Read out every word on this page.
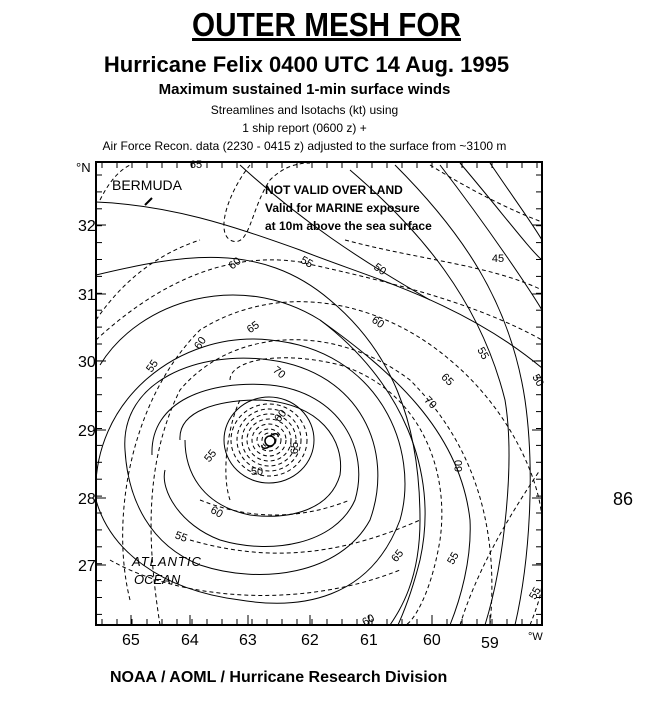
OUTER MESH FOR
Hurricane Felix 0400 UTC 14 Aug. 1995
Maximum sustained 1-min surface winds
Streamlines and Isotachs (kt) using
1 ship report (0600 z) +
Air Force Recon. data (2230 - 0415 z) adjusted to the surface from ~3100 m
65
55	50
45
60
60
65
60
55	70
55
65	50
70
60
65
55
50	60
60
55
55
65
60
55
BERMUDA	NOT VALID OVER LAND
Valid for MARINE exposure
at 10m above the sea surface
ATLANTIC
OCEAN
°N
°W
32
31
30
29
28
27
65	64	63	62	61	60	59
86
NOAA / AOML / Hurricane Research Division
